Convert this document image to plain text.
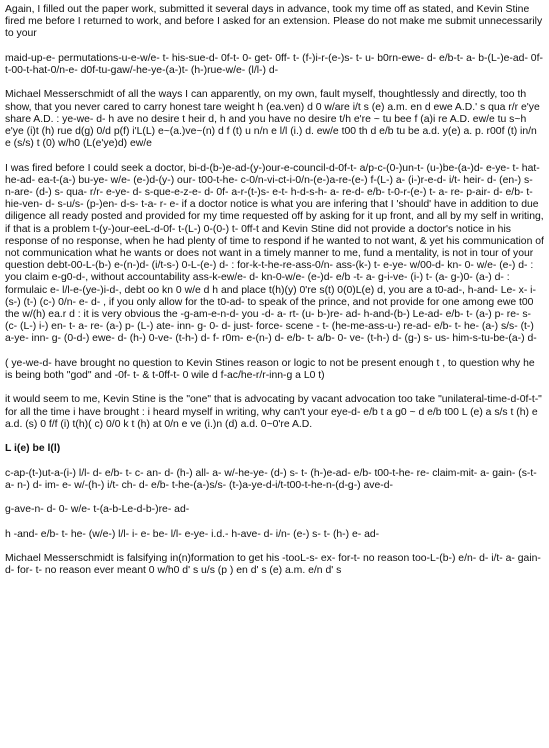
Again, I filled out the paper work, submitted it several days in advance, took my time off as stated, and Kevin Stine fired me before I returned to work, and before I asked for an extension. Please do not make me submit unnecessarily to your

maid-up-e- permutations-u-e-w/e- t- his-sue-d- 0f-t- 0- get- 0ff- t- (f-)i-r-(e-)s- t- u- b0rn-ewe- d- e/b-t- a- b-(L-)e-ad- 0f- t-00-t-hat-0/n-e- d0f-tu-gaw/-he-ye-(a-)t- (h-)rue-w/e- (l/l-) d-

Michael Messerschmidt of all the ways I can apparently, on my own, fault myself, thoughtlessly and directly, too th show, that you never cared to carry honest tare weight h (ea.ven) d 0 w/are i/t s (e) a.m. en d ewe A.D.' s qua r/r e'ye share A.D. : ye-we- d- h ave no desire t heir d, h and you have no desire t/h e're ~ tu bee f (a)i re A.D. ew/e tu s~h e'ye (i)t (h) rue d(g) 0/d p(f) i'L(L) e~(a.)ve~(n) d f (t) u n/n e l/l (i.) d. ew/e t00 th d e/b tu be a.d. y(e) a. p. r00f (t) in/n e (s/s) t (0) w/h0 (L(e'ye)d) ew/e

I was fired before I could seek a doctor, bi-d-(b-)e-ad-(y-)our-e-council-d-0f-t- a/p-c-(0-)un-t- (u-)be-(a-)d- e-ye- t- hat- he-ad- ea-t-(a-) bu-ye- w/e- (e-)d-(y-) our- t00-t-he- c-0/n-vi-ct-i-0/n-(e-)a-re-(e-) f-(L-) a- (i-)r-e-d- i/t- heir- d- (en-) s- n-are- (d-) s- qua- r/r- e-ye- d- s-que-e-z-e- d- 0f- a-r-(t-)s- e-t- h-d-s-h- a- re-d- e/b- t-0-r-(e-) t- a- re- p-air- d- e/b- t-hie-ven- d- s-u/s- (p-)en- d-s- t-a- r- e- if a doctor notice is what you are infering that I 'should' have in addition to due diligence all ready posted and provided for my time requested off by asking for it up front, and all by my self in writing, if that is a problem t-(y-)our-eeL-d-0f- t-(L-) 0-(0-) t- 0ff-t and Kevin Stine did not provide a doctor's notice in his response of no response, when he had plenty of time to respond if he wanted to not want, & yet his communication of not communication what he wants or does not want in a timely manner to me, fund a mentality, is not in tour of your question debt-00-L-(b-) e-(n-)d- (i/t-s-) 0-L-(e-) d- : for-k-t-he-re-ass-0/n- ass-(k-) t- e-ye- w/00-d- kn- 0- w/e- (e-) d- : you claim e-g0-d-, without accountability ass-k-ew/e- d- kn-0-w/e- (e-)d- e/b -t- a- g-i-ve- (i-) t- (a- g-)0- (a-) d- : formulaic e- l/l-e-(ye-)i-d-, debt oo kn 0 w/e d h and place t(h)(y) 0're s(t) 0(0)L(e) d, you are a t0-ad-, h-and- Le- x- i- (s-) (t-) (c-) 0/n- e- d- , if you only allow for the t0-ad- to speak of the prince, and not provide for one among ewe t00 the w/(h) ea.r d : it is very obvious the -g-am-e-n-d- you -d- a- rt- (u- b-)re- ad- h-and-(b-) Le-ad- e/b- t- (a-) p- re- s- (c- (L-) i-) en- t- a- re- (a-) p- (L-) ate- inn- g- 0- d- just- force- scene - t- (he-me-ass-u-) re-ad- e/b- t- he- (a-) s/s- (t-) a-ye- inn- g- (0-d-) ewe- d- (h-) 0-ve- (t-h-) d- f- r0m- e-(n-) d- e/b- t- a/b- 0- ve- (t-h-) d- (g-) s- us- him-s-tu-be-(a-) d-

( ye-we-d- have brought no question to Kevin Stines reason or logic to not be present enough t , to question why he is being both "god" and -0f- t- & t-0ff-t- 0 wile d f-ac/he-r/r-inn-g a L0 t)

it would seem to me, Kevin Stine is the "one" that is advocating by vacant advocation too take "unilateral-time-d-0f-t-" for all the time i have brought : i heard myself in writing, why can't your eye-d- e/b t a g0 ~ d e/b t00 L (e) a s/s t (h) e a.d. (s) 0 f/f (i) t(h)( c) 0/0 k t (h) at 0/n e ve (i.)n (d) a.d. 0~0're A.D.

L i(e) be l(l)

c-ap-(t-)ut-a-(i-) l/l- d- e/b- t- c- an- d- (h-) all- a- w/-he-ye- (d-) s- t- (h-)e-ad- e/b- t00-t-he- re- claim-mit- a- gain- (s-t- a- n-) d- im- e- w/-(h-) i/t- ch- d- e/b- t-he-(a-)s/s- (t-)a-ye-d-i/t-t00-t-he-n-(d-g-) ave-d-

g-ave-n- d- 0- w/e- t-(a-b-Le-d-b-)re- ad-

h -and- e/b- t- he- (w/e-) l/l- i- e- be- l/l- e-ye- i.d.- h-ave- d- i/n- (e-) s- t- (h-) e- ad-

Michael Messerschmidt is falsifying in(n)formation to get his -tooL-s- ex- for-t- no reason too-L-(b-) e/n- d- i/t- a- gain- d- for- t- no reason ever meant 0 w/h0 d' s u/s (p ) en d' s (e) a.m. e/n d' s
